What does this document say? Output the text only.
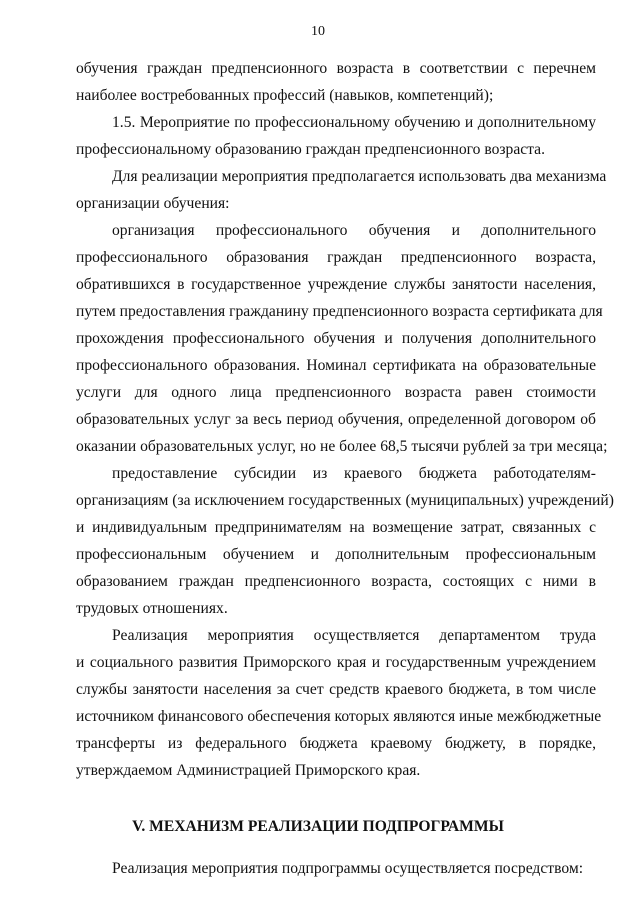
10
обучения граждан предпенсионного возраста в соответствии с перечнем
наиболее востребованных профессий (навыков, компетенций);
1.5. Мероприятие по профессиональному обучению и дополнительному
профессиональному образованию граждан предпенсионного возраста.
Для реализации мероприятия предполагается использовать два механизма
организации обучения:
организация профессионального обучения и дополнительного
профессионального образования граждан предпенсионного возраста,
обратившихся в государственное учреждение службы занятости населения,
путем предоставления гражданину предпенсионного возраста сертификата для
прохождения профессионального обучения и получения дополнительного
профессионального образования. Номинал сертификата на образовательные
услуги для одного лица предпенсионного возраста равен стоимости
образовательных услуг за весь период обучения, определенной договором об
оказании образовательных услуг, но не более 68,5 тысячи рублей за три месяца;
предоставление субсидии из краевого бюджета работодателям-
организациям (за исключением государственных (муниципальных) учреждений)
и индивидуальным предпринимателям на возмещение затрат, связанных с
профессиональным обучением и дополнительным профессиональным
образованием граждан предпенсионного возраста, состоящих с ними в
трудовых отношениях.
Реализация мероприятия осуществляется департаментом труда
и социального развития Приморского края и государственным учреждением
службы занятости населения за счет средств краевого бюджета, в том числе
источником финансового обеспечения которых являются иные межбюджетные
трансферты из федерального бюджета краевому бюджету, в порядке,
утверждаемом Администрацией Приморского края.
V. МЕХАНИЗМ РЕАЛИЗАЦИИ ПОДПРОГРАММЫ
Реализация мероприятия подпрограммы осуществляется посредством:
